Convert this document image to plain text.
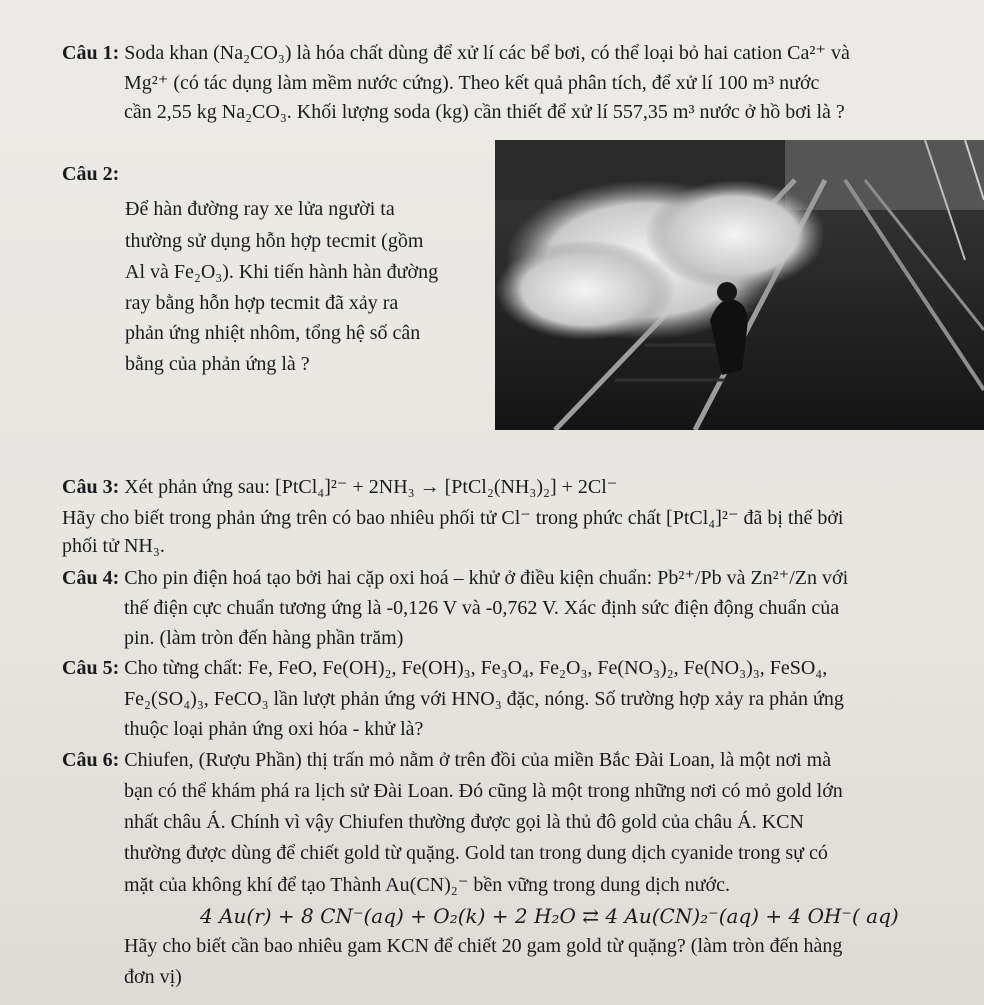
Câu 1: Soda khan (Na₂CO₃) là hóa chất dùng để xử lí các bể bơi, có thể loại bỏ hai cation Ca²⁺ và
Mg²⁺ (có tác dụng làm mềm nước cứng). Theo kết quả phân tích, để xử lí 100 m³ nước
cần 2,55 kg Na₂CO₃. Khối lượng soda (kg) cần thiết để xử lí 557,35 m³ nước ở hồ bơi là ?
Câu 2:
Để hàn đường ray xe lửa người ta
thường sử dụng hỗn hợp tecmit (gồm
Al và Fe₂O₃). Khi tiến hành hàn đường
ray bằng hỗn hợp tecmit đã xảy ra
phản ứng nhiệt nhôm, tổng hệ số cân
bằng của phản ứng là ?
Câu 3: Xét phản ứng sau: [PtCl₄]²⁻ + 2NH₃ → [PtCl₂(NH₃)₂] + 2Cl⁻
Hãy cho biết trong phản ứng trên có bao nhiêu phối tử Cl⁻ trong phức chất [PtCl₄]²⁻ đã bị thế bởi
phối tử NH₃.
Câu 4: Cho pin điện hoá tạo bởi hai cặp oxi hoá – khử ở điều kiện chuẩn: Pb²⁺/Pb và Zn²⁺/Zn với
thế điện cực chuẩn tương ứng là -0,126 V và -0,762 V. Xác định sức điện động chuẩn của
pin. (làm tròn đến hàng phần trăm)
Câu 5: Cho từng chất: Fe, FeO, Fe(OH)₂, Fe(OH)₃, Fe₃O₄, Fe₂O₃, Fe(NO₃)₂, Fe(NO₃)₃, FeSO₄,
Fe₂(SO₄)₃, FeCO₃ lần lượt phản ứng với HNO₃ đặc, nóng. Số trường hợp xảy ra phản ứng
thuộc loại phản ứng oxi hóa - khử là?
Câu 6: Chiufen, (Rượu Phần) thị trấn mỏ nằm ở trên đồi của miền Bắc Đài Loan, là một nơi mà
bạn có thể khám phá ra lịch sử Đài Loan. Đó cũng là một trong những nơi có mỏ gold lớn
nhất châu Á. Chính vì vậy Chiufen thường được gọi là thủ đô gold của châu Á. KCN
thường được dùng để chiết gold từ quặng. Gold tan trong dung dịch cyanide trong sự có
mặt của không khí để tạo Thành Au(CN)₂⁻ bền vững trong dung dịch nước.
4 Au(r) + 8 CN⁻(aq) + O₂(k) + 2 H₂O ⇄ 4 Au(CN)₂⁻(aq) + 4 OH⁻( aq)
Hãy cho biết cần bao nhiêu gam KCN để chiết 20 gam gold từ quặng? (làm tròn đến hàng
đơn vị)
